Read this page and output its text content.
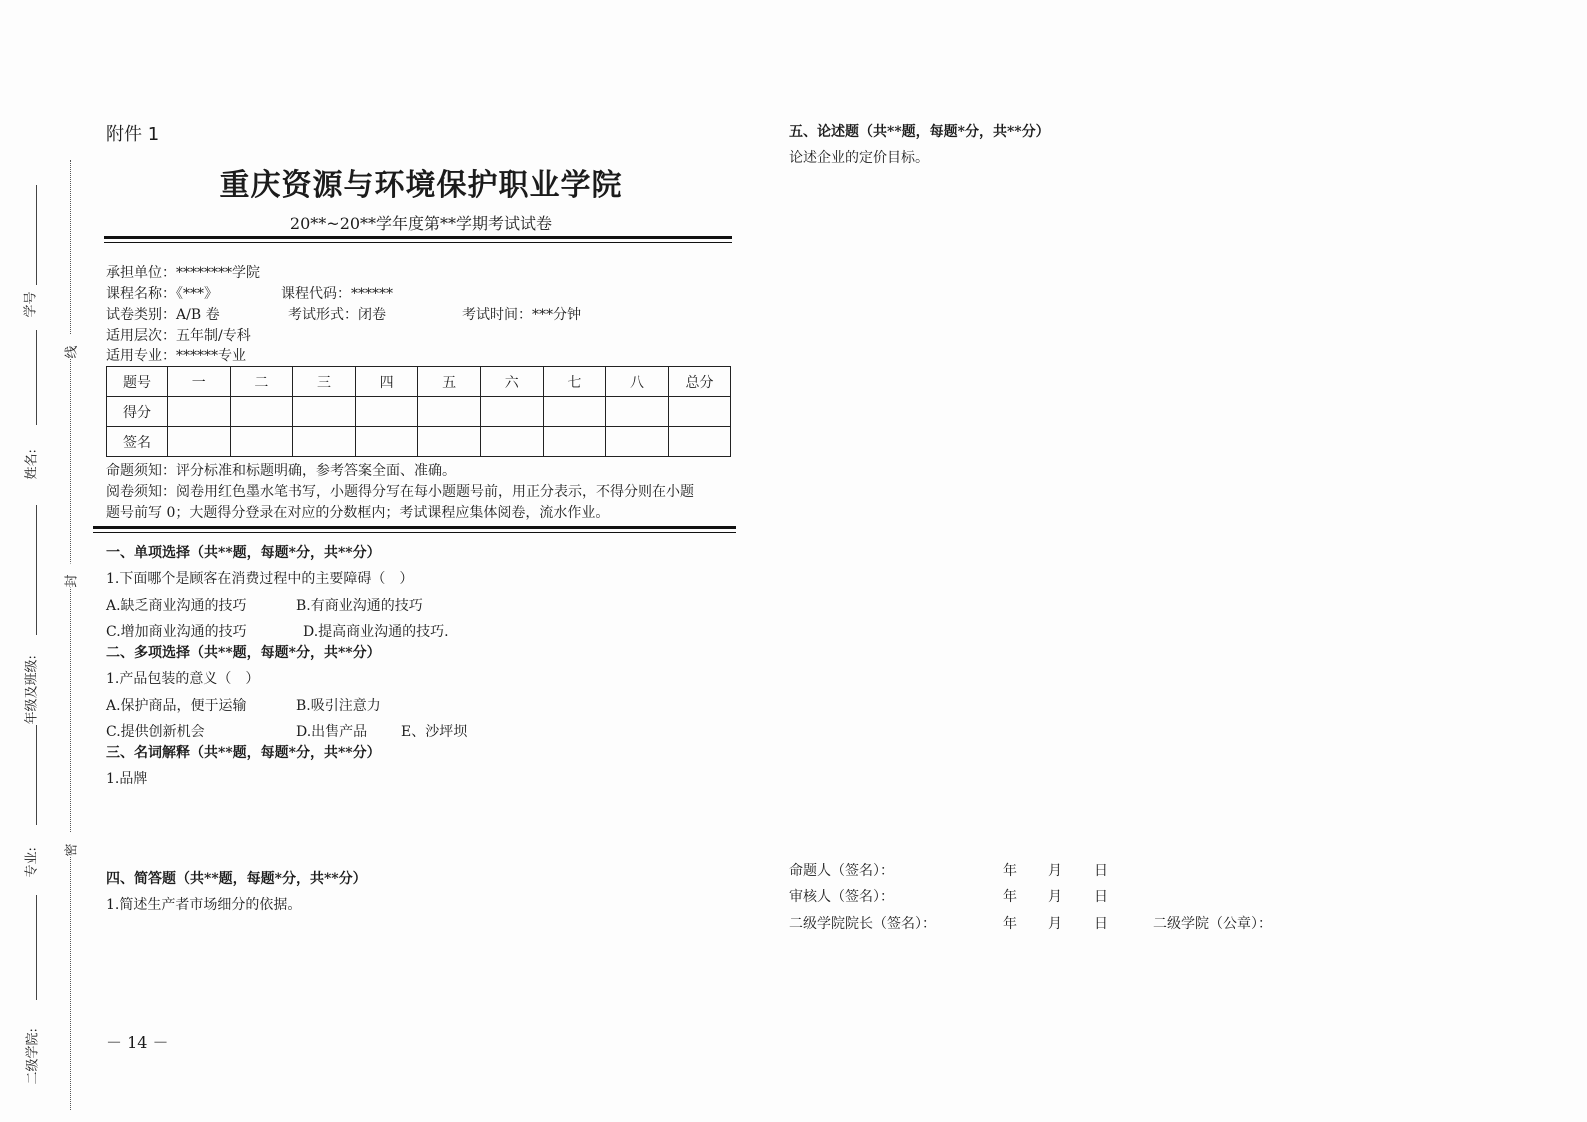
学号
姓名:
年级及班级:
专业:
二级学院:
线
封
密
附件 1
重庆资源与环境保护职业学院
20**~20**学年度第**学期考试试卷
承担单位：********学院
课程名称：《***》	课程代码：******
试卷类别：A/B 卷	考试形式：闭卷	考试时间：***分钟
适用层次：五年制/专科
适用专业：******专业
题号	一	二	三	四	五	六	七	八	总分
得分									
签名									
命题须知：评分标准和标题明确，参考答案全面、准确。
阅卷须知：阅卷用红色墨水笔书写，小题得分写在每小题题号前，用正分表示，不得分则在小题
题号前写 0；大题得分登录在对应的分数框内；考试课程应集体阅卷，流水作业。
一、单项选择（共**题，每题*分，共**分）
1.下面哪个是顾客在消费过程中的主要障碍（　）
A.缺乏商业沟通的技巧	B.有商业沟通的技巧
C.增加商业沟通的技巧	D.提高商业沟通的技巧.
二、多项选择（共**题，每题*分，共**分）
1.产品包装的意义（　）
A.保护商品，便于运输	B.吸引注意力
C.提供创新机会	D.出售产品 E、沙坪坝
三、名词解释（共**题，每题*分，共**分）
1.品牌
四、简答题（共**题，每题*分，共**分）
1.简述生产者市场细分的依据。
－ 14 －
五、论述题（共**题，每题*分，共**分）
论述企业的定价目标。
命题人（签名）：	年 月 日
审核人（签名）：	年 月 日
二级学院院长（签名）：	年 月 日	二级学院（公章）：
